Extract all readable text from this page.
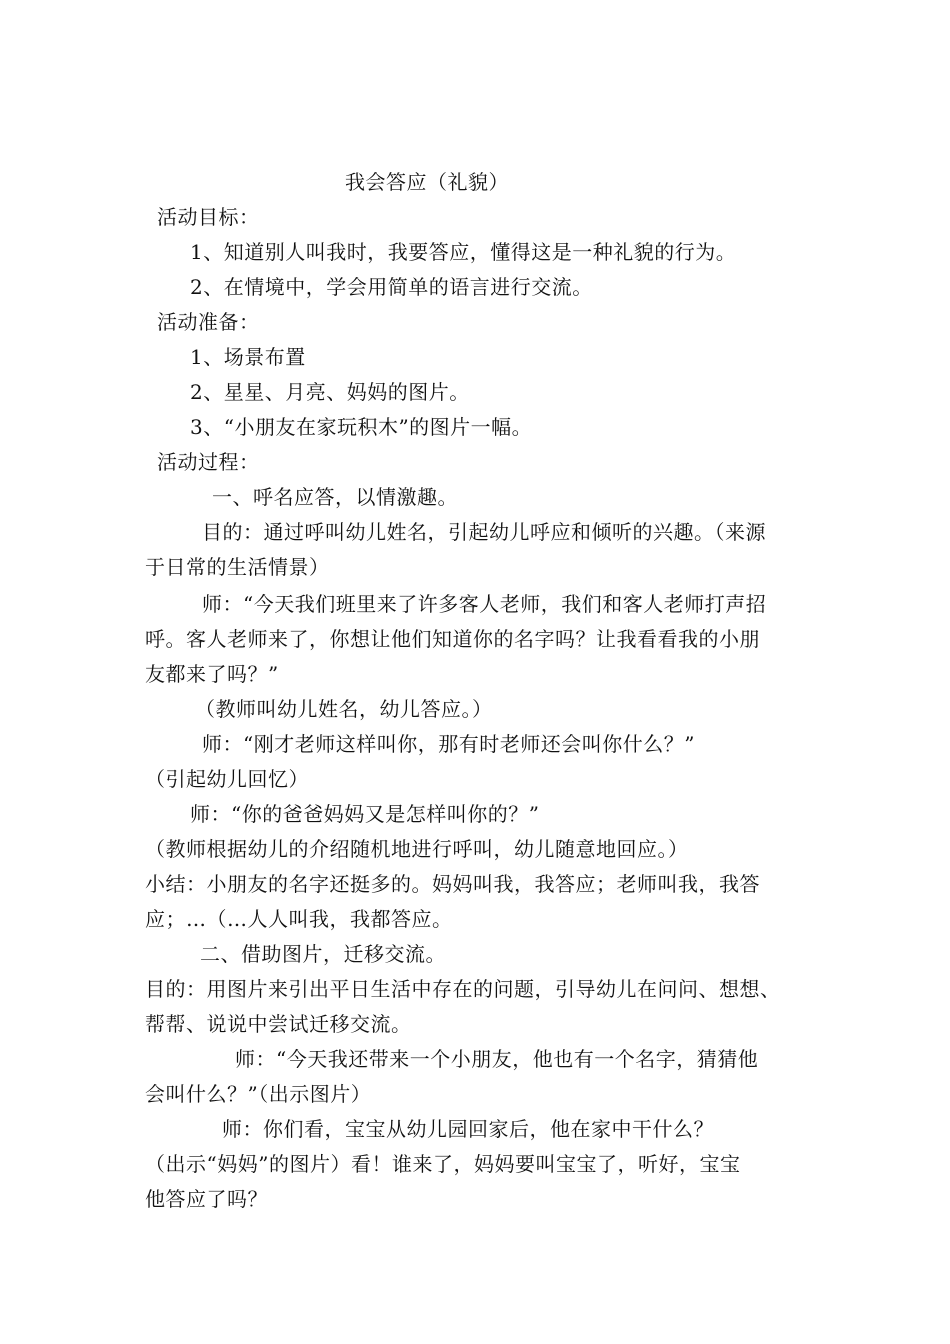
我会答应（礼貌）
活动目标：
1、知道别人叫我时，我要答应，懂得这是一种礼貌的行为。
2、在情境中，学会用简单的语言进行交流。
活动准备：
1、场景布置
2、星星、月亮、妈妈的图片。
3、“小朋友在家玩积木”的图片一幅。
活动过程：
一、呼名应答，以情激趣。
目的：通过呼叫幼儿姓名，引起幼儿呼应和倾听的兴趣。（来源
于日常的生活情景）
师：“今天我们班里来了许多客人老师，我们和客人老师打声招
呼。客人老师来了，你想让他们知道你的名字吗？让我看看我的小朋
友都来了吗？”
（教师叫幼儿姓名，幼儿答应。）
师：“刚才老师这样叫你，那有时老师还会叫你什么？”
（引起幼儿回忆）
师：“你的爸爸妈妈又是怎样叫你的？”
（教师根据幼儿的介绍随机地进行呼叫，幼儿随意地回应。）
小结：小朋友的名字还挺多的。妈妈叫我，我答应；老师叫我，我答
应；…（…人人叫我，我都答应。
二、借助图片，迁移交流。
目的：用图片来引出平日生活中存在的问题，引导幼儿在问问、想想、
帮帮、说说中尝试迁移交流。
师：“今天我还带来一个小朋友，他也有一个名字，猜猜他
会叫什么？”（出示图片）
师：你们看，宝宝从幼儿园回家后，他在家中干什么？
（出示“妈妈”的图片）看！谁来了，妈妈要叫宝宝了，听好，宝宝
他答应了吗？
